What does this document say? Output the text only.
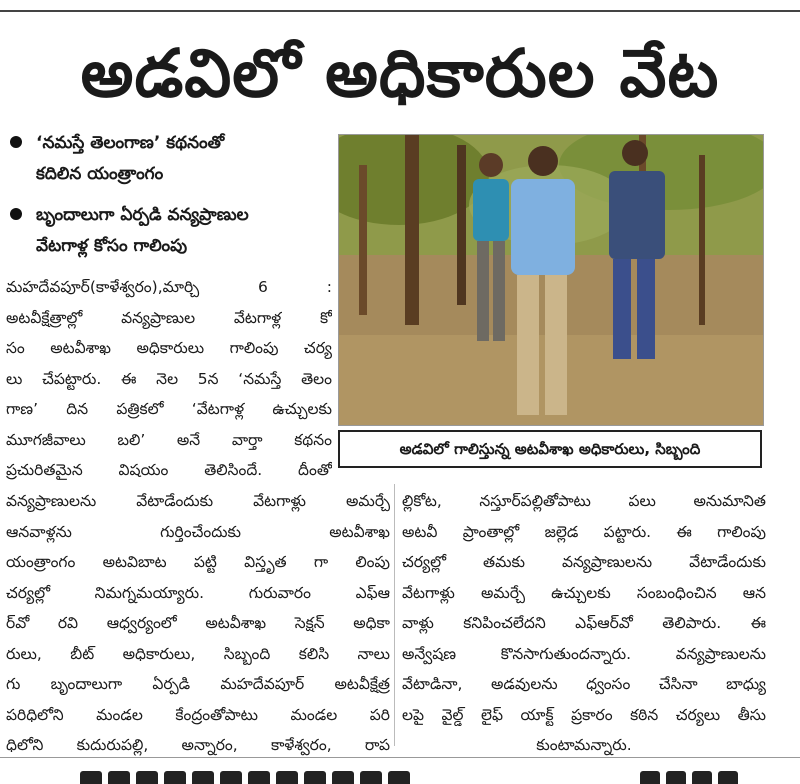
అడవిలో అధికారుల వేట
‘నమస్తే తెలంగాణ’ కథనంతో
కదిలిన యంత్రాంగం
బృందాలుగా ఏర్పడి వన్యప్రాణుల
వేటగాళ్ల కోసం గాలింపు
అడవిలో గాలిస్తున్న అటవీశాఖ అధికారులు, సిబ్బంది
మహదేవపూర్(కాళేశ్వరం),మార్చి 6 :
అటవీక్షేత్రాల్లో వన్యప్రాణుల వేటగాళ్ల కో
సం అటవీశాఖ అధికారులు గాలింపు చర్య
లు చేపట్టారు. ఈ నెల 5న ‘నమస్తే తెలం
గాణ’ దిన పత్రికలో ‘వేటగాళ్ల ఉచ్చులకు
మూగజీవాలు బలి’ అనే వార్తా కథనం
ప్రచురితమైన విషయం తెలిసిందే. దీంతో
వన్యప్రాణులను వేటాడేందుకు వేటగాళ్లు అమర్చే
ఆనవాళ్లను గుర్తించేందుకు అటవీశాఖ
యంత్రాంగం అటవిబాట పట్టి విస్తృత గా లింపు
చర్యల్లో నిమగ్నమయ్యారు. గురువారం ఎఫ్‌ఆ
ర్‌వో రవి ఆధ్వర్యంలో అటవీశాఖ సెక్షన్ అధికా
రులు, బీట్ అధికారులు, సిబ్బంది కలిసి నాలు
గు బృందాలుగా ఏర్పడి మహదేవపూర్ అటవీక్షేత్ర
పరిధిలోని మండల కేంద్రంతోపాటు మండల పరి
ధిలోని కుదురుపల్లి, అన్నారం, కాళేశ్వరం, రాప
ల్లికోట, నస్తూర్‌పల్లితోపాటు పలు అనుమానిత
అటవీ ప్రాంతాల్లో జల్లెడ పట్టారు. ఈ గాలింపు
చర్యల్లో తమకు వన్యప్రాణులను వేటాడేందుకు
వేటగాళ్లు అమర్చే ఉచ్చులకు సంబంధించిన ఆన
వాళ్లు కనిపించలేదని ఎఫ్ఆర్‌వో తెలిపారు. ఈ
అన్వేషణ కొనసాగుతుందన్నారు. వన్యప్రాణులను
వేటాడినా, అడవులను ధ్వంసం చేసినా బాధ్యు
లపై వైల్డ్ లైఫ్ యాక్ట్ ప్రకారం కఠిన చర్యలు తీసు
కుంటామన్నారు.
